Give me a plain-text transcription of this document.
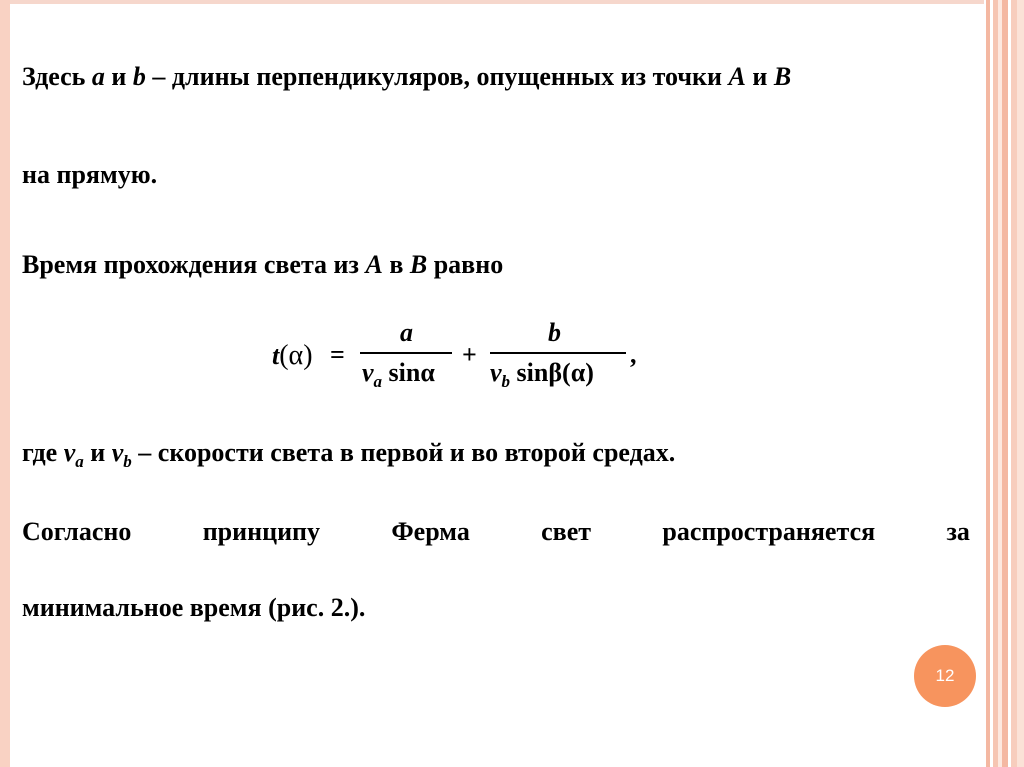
Здесь a и b – длины перпендикуляров, опущенных из точки A и B
на прямую.
Время прохождения света из A в B равно
t(α) =
a
$v_a$ sinα
+
b
$v_b$ sinβ(α)
,
где $v_a$ и $v_b$ – скорости света в первой и во второй средах.
Согласно	принципу	Ферма	свет	распространяется	за
минимальное время (рис. 2.).
12
